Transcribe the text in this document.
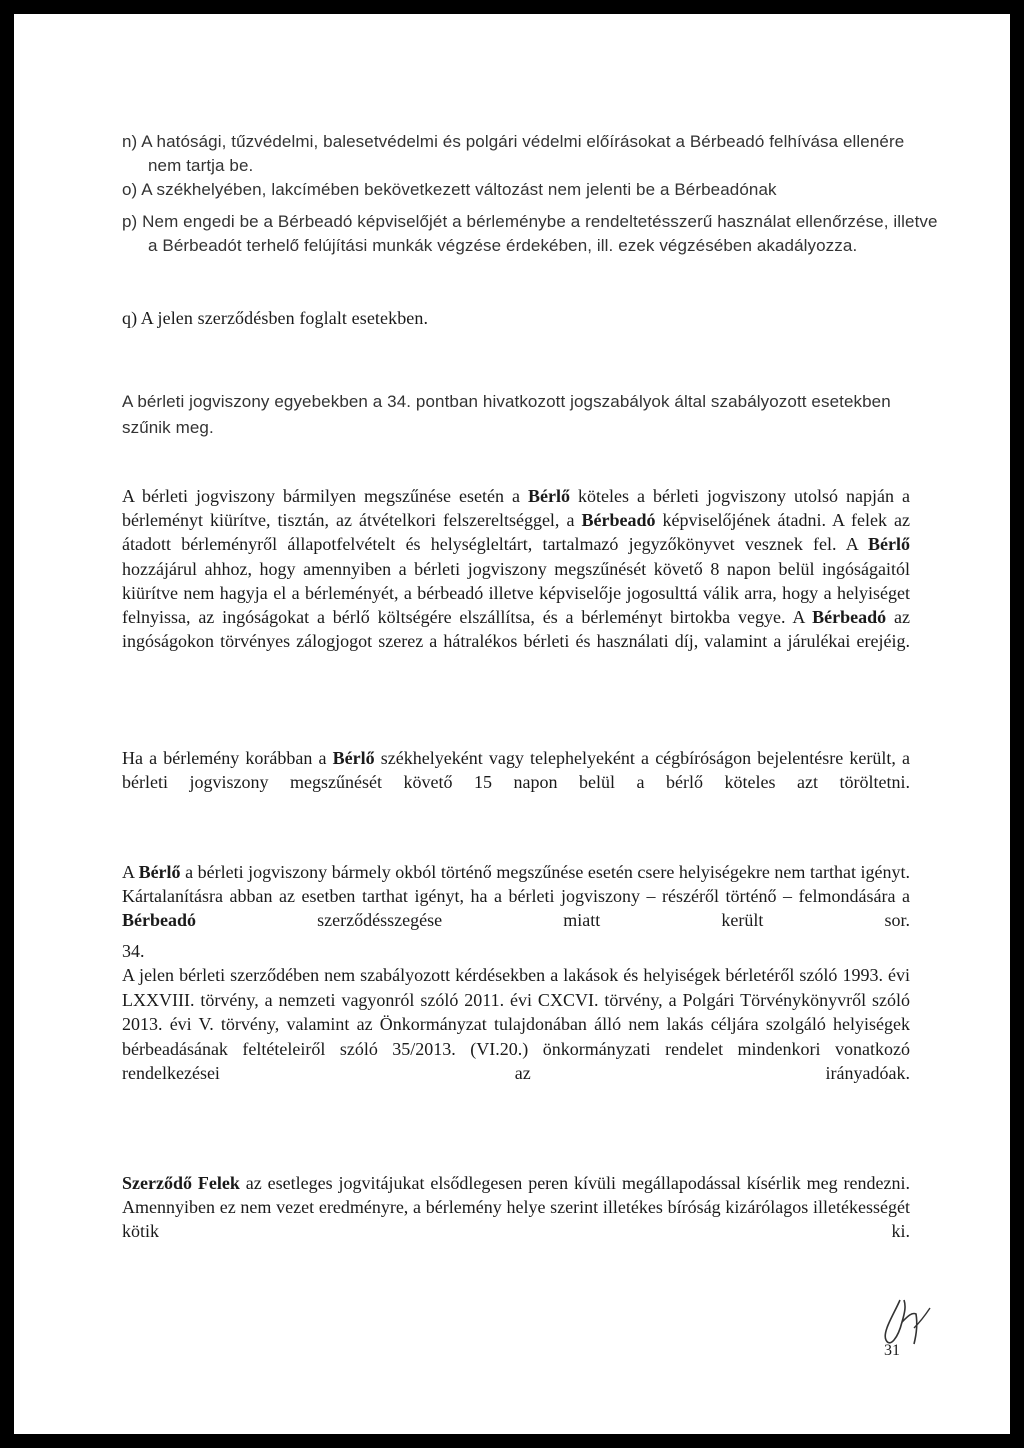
n) A hatósági, tűzvédelmi, balesetvédelmi és polgári védelmi előírásokat a Bérbeadó felhívása ellenére nem tartja be.

o) A székhelyében, lakcímében bekövetkezett változást nem jelenti be a Bérbeadónak

p) Nem engedi be a Bérbeadó képviselőjét a bérleménybe a rendeltetésszerű használat ellenőrzése, illetve a Bérbeadót terhelő felújítási munkák végzése érdekében, ill. ezek végzésében akadályozza.

q) A jelen szerződésben foglalt esetekben.

A bérleti jogviszony egyebekben a 34. pontban hivatkozott jogszabályok által szabályozott esetekben szűnik meg.

A bérleti jogviszony bármilyen megszűnése esetén a Bérlő köteles a bérleti jogviszony utolsó napján a bérleményt kiürítve, tisztán, az átvételkori felszereltséggel, a Bérbeadó képviselőjének átadni. A felek az átadott bérleményről állapotfelvételt és helységleltárt, tartalmazó jegyzőkönyvet vesznek fel. A Bérlő hozzájárul ahhoz, hogy amennyiben a bérleti jogviszony megszűnését követő 8 napon belül ingóságaitól kiürítve nem hagyja el a bérleményét, a bérbeadó illetve képviselője jogosulttá válik arra, hogy a helyiséget felnyissa, az ingóságokat a bérlő költségére elszállítsa, és a bérleményt birtokba vegye. A Bérbeadó az ingóságokon törvényes zálogjogot szerez a hátralékos bérleti és használati díj, valamint a járulékai erejéig.

Ha a bérlemény korábban a Bérlő székhelyeként vagy telephelyeként a cégbíróságon bejelentésre került, a bérleti jogviszony megszűnését követő 15 napon belül a bérlő köteles azt töröltetni.

A Bérlő a bérleti jogviszony bármely okból történő megszűnése esetén csere helyiségekre nem tarthat igényt. Kártalanításra abban az esetben tarthat igényt, ha a bérleti jogviszony – részéről történő – felmondására a Bérbeadó szerződésszegése miatt került sor.

34.

A jelen bérleti szerződében nem szabályozott kérdésekben a lakások és helyiségek bérletéről szóló 1993. évi LXXVIII. törvény, a nemzeti vagyonról szóló 2011. évi CXCVI. törvény, a Polgári Törvénykönyvről szóló 2013. évi V. törvény, valamint az Önkormányzat tulajdonában álló nem lakás céljára szolgáló helyiségek bérbeadásának feltételeiről szóló 35/2013. (VI.20.) önkormányzati rendelet mindenkori vonatkozó rendelkezései az irányadóak.

Szerződő Felek az esetleges jogvitájukat elsődlegesen peren kívüli megállapodással kísérlik meg rendezni. Amennyiben ez nem vezet eredményre, a bérlemény helye szerint illetékes bíróság kizárólagos illetékességét kötik ki.

31
